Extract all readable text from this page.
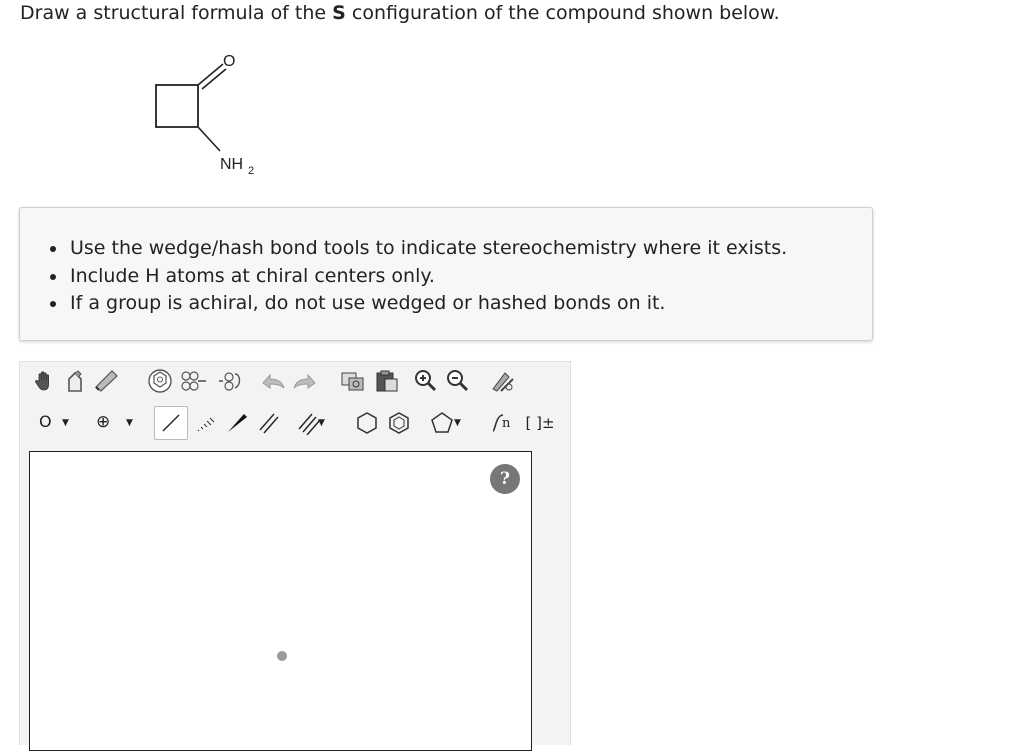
Draw a structural formula of the S configuration of the compound shown below.
O
NH 2
Use the wedge/hash bond tools to indicate stereochemistry where it exists.
Include H atoms at chiral centers only.
If a group is achiral, do not use wedged or hashed bonds on it.
O ▼ ⊕ ▼	▼	▼	n [ ]±
?
